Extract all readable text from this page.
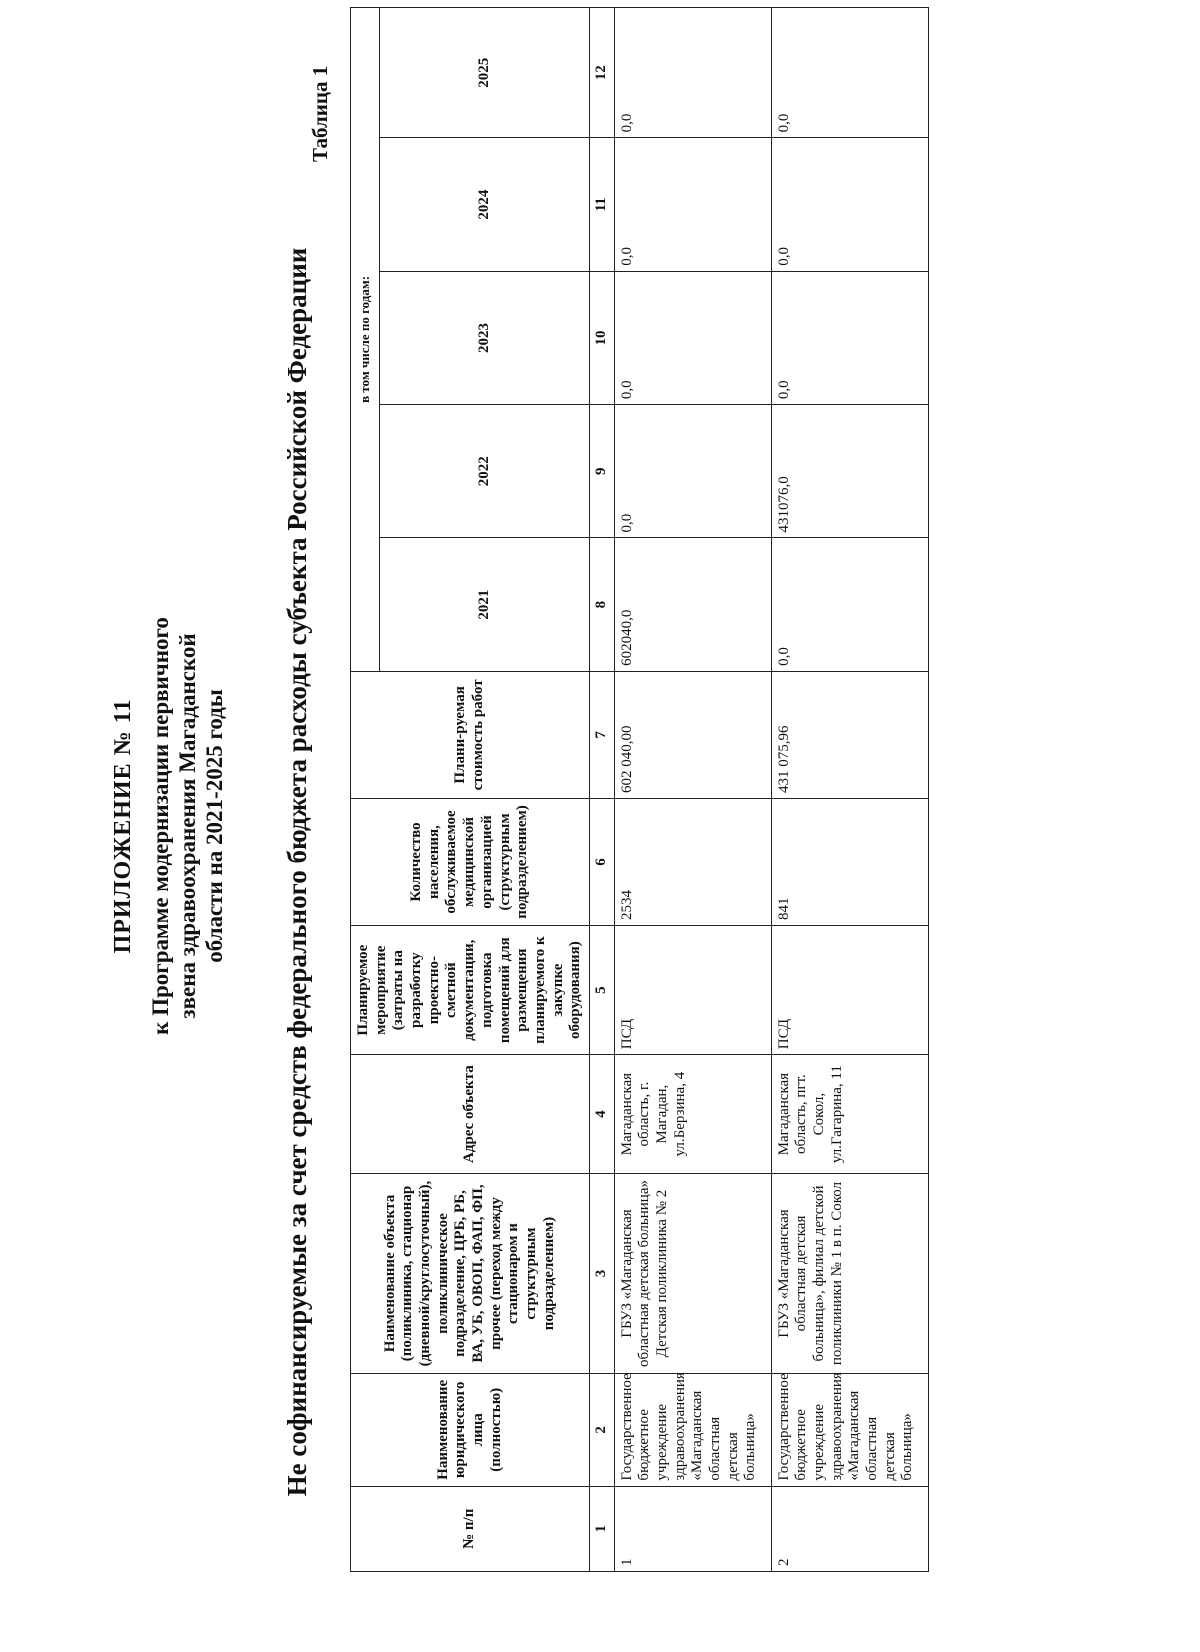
ПРИЛОЖЕНИЕ № 11 к Программе модернизации первичного звена здравоохранения Магаданской области на 2021-2025 годы Не софинансируемые за счет средств федерального бюджета расходы субъекта Российской Федерации
Таблица 1
№ п/п	Наименование юридического лица (полностью)	Наименование объекта (поликлиника, стационар (дневной/круглосуточный), поликлиническое подразделение, ЦРБ, РБ, ВА, УБ, ОВОП, ФАП, ФП, прочее (переход между стационаром и структурным подразделением)	Адрес объекта	Планируемое мероприятие (затраты на разработку проектно-сметной документации, подготовка помещений для размещения планируемого к закупке оборудования)	Количество населения, обслуживаемое медицинской организацией (структурным подразделением)	Плани-руемая стоимость работ	в том числе по годам:				
							2021	2022	2023	2024	2025

1	2	3	4	5	6	7	8	9	10	11	12
1	Государственное бюджетное учреждение здравоохранения «Магаданская областная детская больница»	ГБУЗ «Магаданская областная детская больница» Детская поликлиника № 2	Магаданская область, г. Магадан, ул.Берзина, 4	ПСД	2534	602 040,00	602040,0	0,0	0,0	0,0	0,0
2	Государственное бюджетное учреждение здравоохранения «Магаданская областная детская больница»	ГБУЗ «Магаданская областная детская больница», филиал детской поликлиники № 1 в п. Сокол	Магаданская область, пгт. Сокол, ул.Гагарина, 11	ПСД	841	431 075,96	0,0	431076,0	0,0	0,0	0,0
